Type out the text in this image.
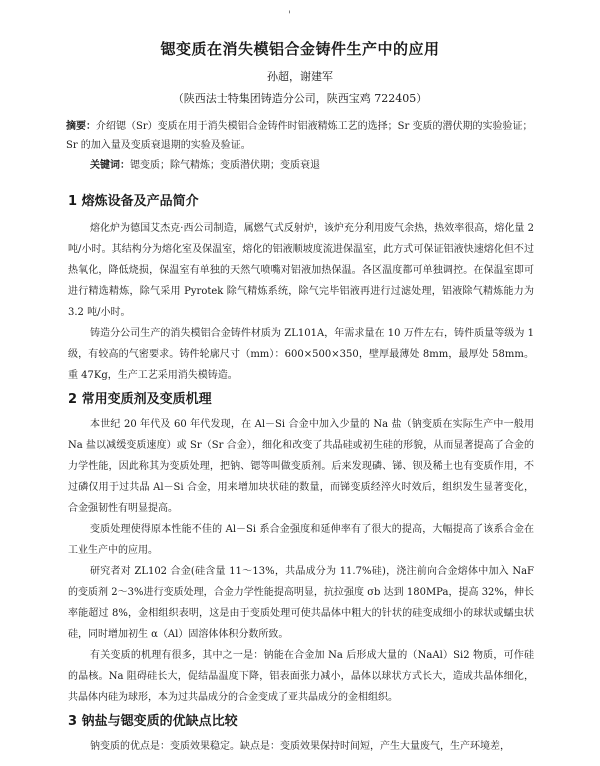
'
锶变质在消失模铝合金铸件生产中的应用
孙超，谢建军
（陕西法士特集团铸造分公司，陕西宝鸡 722405）
摘要：介绍锶（Sr）变质在用于消失模铝合金铸件时铝液精炼工艺的选择；Sr 变质的潜伏期的实验验证；Sr 的加入量及变质衰退期的实验及验证。
关键词：锶变质；除气精炼；变质潜伏期；变质衰退
1 熔炼设备及产品简介

熔化炉为德国艾杰克·西公司制造，属燃气式反射炉，该炉充分利用废气余热，热效率很高，熔化量 2 吨/小时。其结构分为熔化室及保温室，熔化的铝液顺坡度流进保温室，此方式可保证铝液快速熔化但不过热氧化，降低烧损，保温室有单独的天然气喷嘴对铝液加热保温。各区温度都可单独调控。在保温室即可进行精选精炼，除气采用 Pyrotek 除气精炼系统，除气完毕铝液再进行过滤处理，铝液除气精炼能力为 3.2 吨/小时。

铸造分公司生产的消失模铝合金铸件材质为 ZL101A，年需求量在 10 万件左右，铸件质量等级为 1 级，有较高的气密要求。铸件轮廓尺寸（mm）：600×500×350，壁厚最薄处 8mm，最厚处 58mm。重 47Kg，生产工艺采用消失模铸造。

2 常用变质剂及变质机理

本世纪 20 年代及 60 年代发现，在 Al－Si 合金中加入少量的 Na 盐（钠变质在实际生产中一般用 Na 盐以减缓变质速度）或 Sr（Sr 合金），细化和改变了共晶硅或初生硅的形貌，从而显著提高了合金的力学性能，因此称其为变质处理，把钠、锶等叫做变质剂。后来发现磷、锑、钡及稀土也有变质作用，不过磷仅用于过共晶 Al－Si 合金，用来增加块状硅的数量，而锑变质经淬火时效后，组织发生显著变化，合金强韧性有明显提高。

变质处理使得原本性能不佳的 Al－Si 系合金强度和延伸率有了很大的提高，大幅提高了该系合金在工业生产中的应用。

研究者对 ZL102 合金(硅含量 11～13%，共晶成分为 11.7%硅)，浇注前向合金熔体中加入 NaF 的变质剂 2～3%进行变质处理，合金力学性能提高明显，抗拉强度 σb 达到 180MPa，提高 32%，伸长率能超过 8%，金相组织表明，这是由于变质处理可使共晶体中粗大的针状的硅变成细小的球状或蠕虫状硅，同时增加初生 α（Al）固溶体体积分数所致。

有关变质的机理有很多，其中之一是：钠能在合金加 Na 后形成大量的（NaAl）Si2 物质，可作硅的晶核。Na 阻碍硅长大，促结晶温度下降，铝表面张力减小，晶体以球状方式长大，造成共晶体细化，共晶体内硅为球形，本为过共晶成分的合金变成了亚共晶成分的金相组织。

3 钠盐与锶变质的优缺点比较

钠变质的优点是：变质效果稳定。缺点是：变质效果保持时间短，产生大量废气，生产环境差，
